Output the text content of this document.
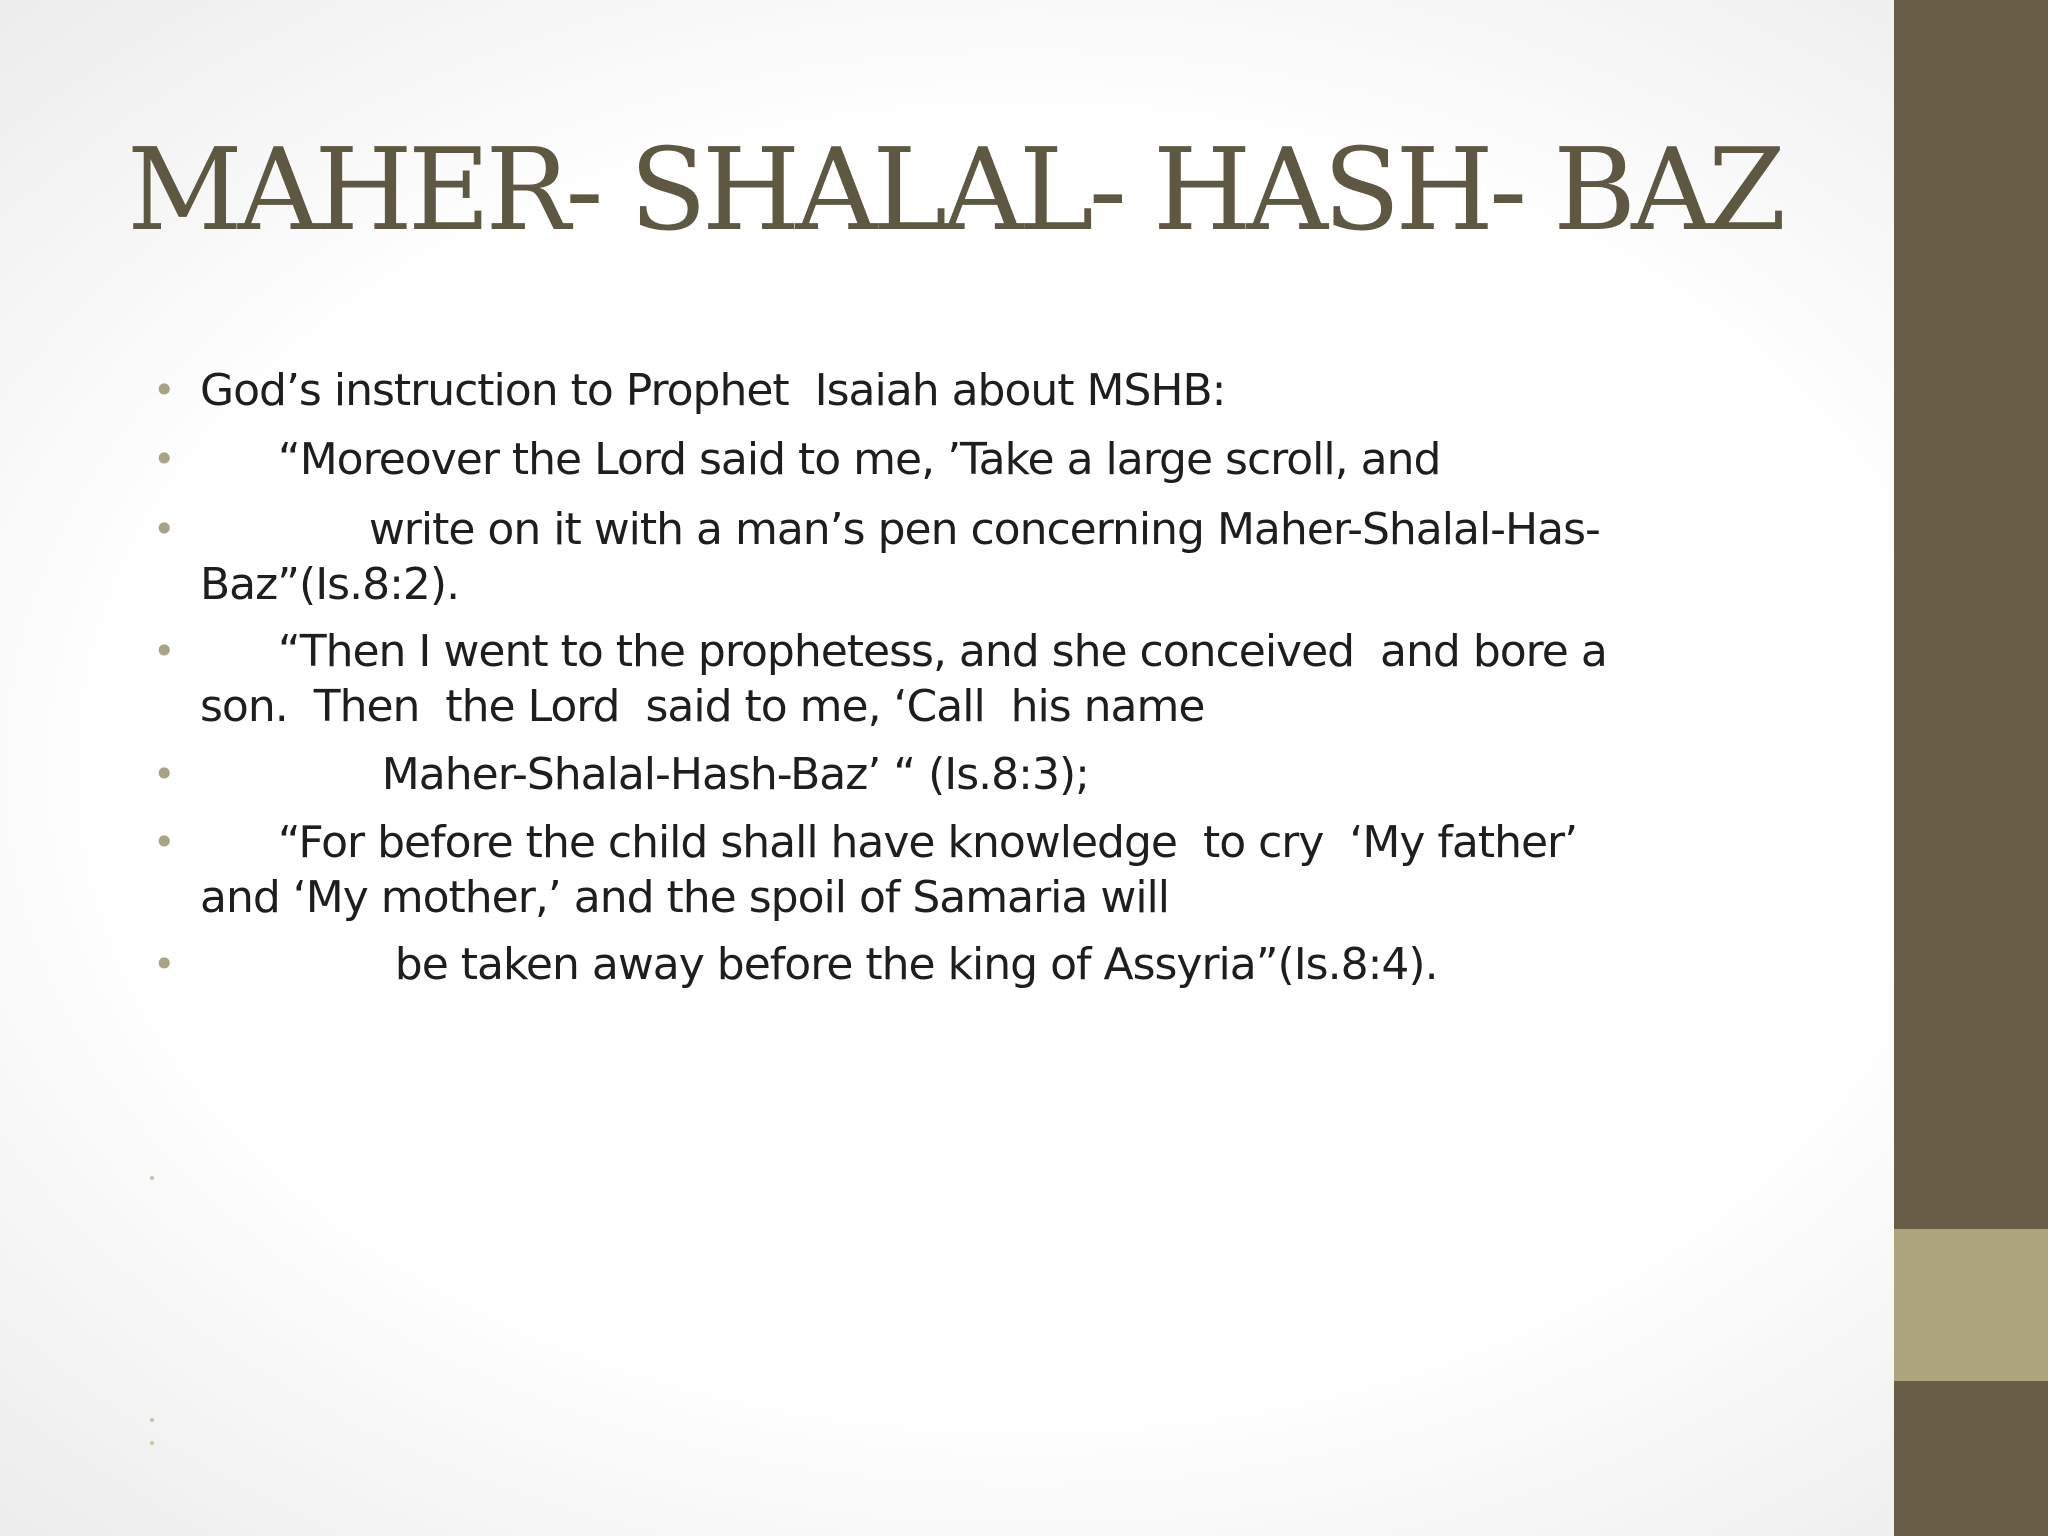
MAHER- SHALAL- HASH- BAZ
• God’s instruction to Prophet  Isaiah about MSHB:
• “Moreover the Lord said to me, ’Take a large scroll, and
• write on it with a man’s pen concerning Maher-Shalal-Has-
Baz”(Is.8:2).
• “Then I went to the prophetess, and she conceived  and bore a
son.  Then  the Lord  said to me, ‘Call  his name
• Maher-Shalal-Hash-Baz’ “ (Is.8:3);
• “For before the child shall have knowledge  to cry  ‘My father’
and ‘My mother,’ and the spoil of Samaria will
• be taken away before the king of Assyria”(Is.8:4).
